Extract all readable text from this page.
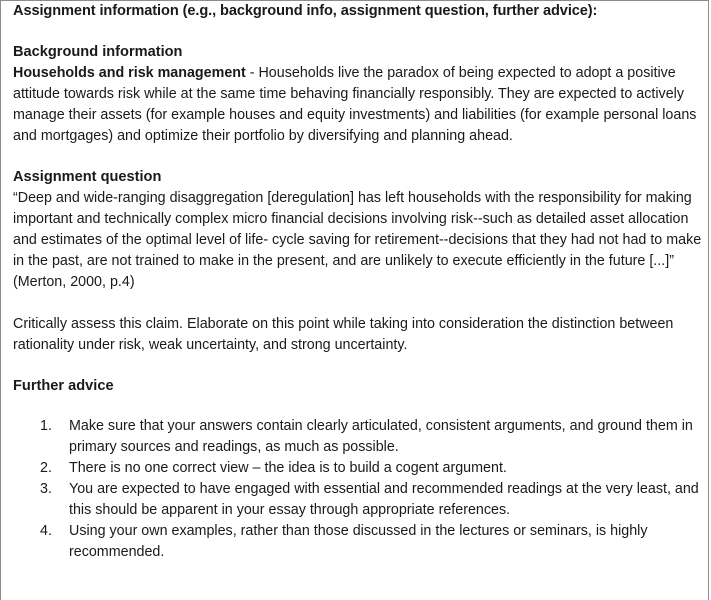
Assignment information (e.g., background info, assignment question, further advice):
Background information

Households and risk management - Households live the paradox of being expected to adopt a positive attitude towards risk while at the same time behaving financially responsibly. They are expected to actively manage their assets (for example houses and equity investments) and liabilities (for example personal loans and mortgages) and optimize their portfolio by diversifying and planning ahead.

Assignment question

“Deep and wide-ranging disaggregation [deregulation] has left households with the responsibility for making important and technically complex micro financial decisions involving risk--such as detailed asset allocation and estimates of the optimal level of life- cycle saving for retirement--decisions that they had not had to make in the past, are not trained to make in the present, and are unlikely to execute efficiently in the future [...]” (Merton, 2000, p.4)

Critically assess this claim. Elaborate on this point while taking into consideration the distinction between rationality under risk, weak uncertainty, and strong uncertainty.

Further advice
1. Make sure that your answers contain clearly articulated, consistent arguments, and ground them in primary sources and readings, as much as possible.
2. There is no one correct view – the idea is to build a cogent argument.
3. You are expected to have engaged with essential and recommended readings at the very least, and this should be apparent in your essay through appropriate references.
4. Using your own examples, rather than those discussed in the lectures or seminars, is highly recommended.
